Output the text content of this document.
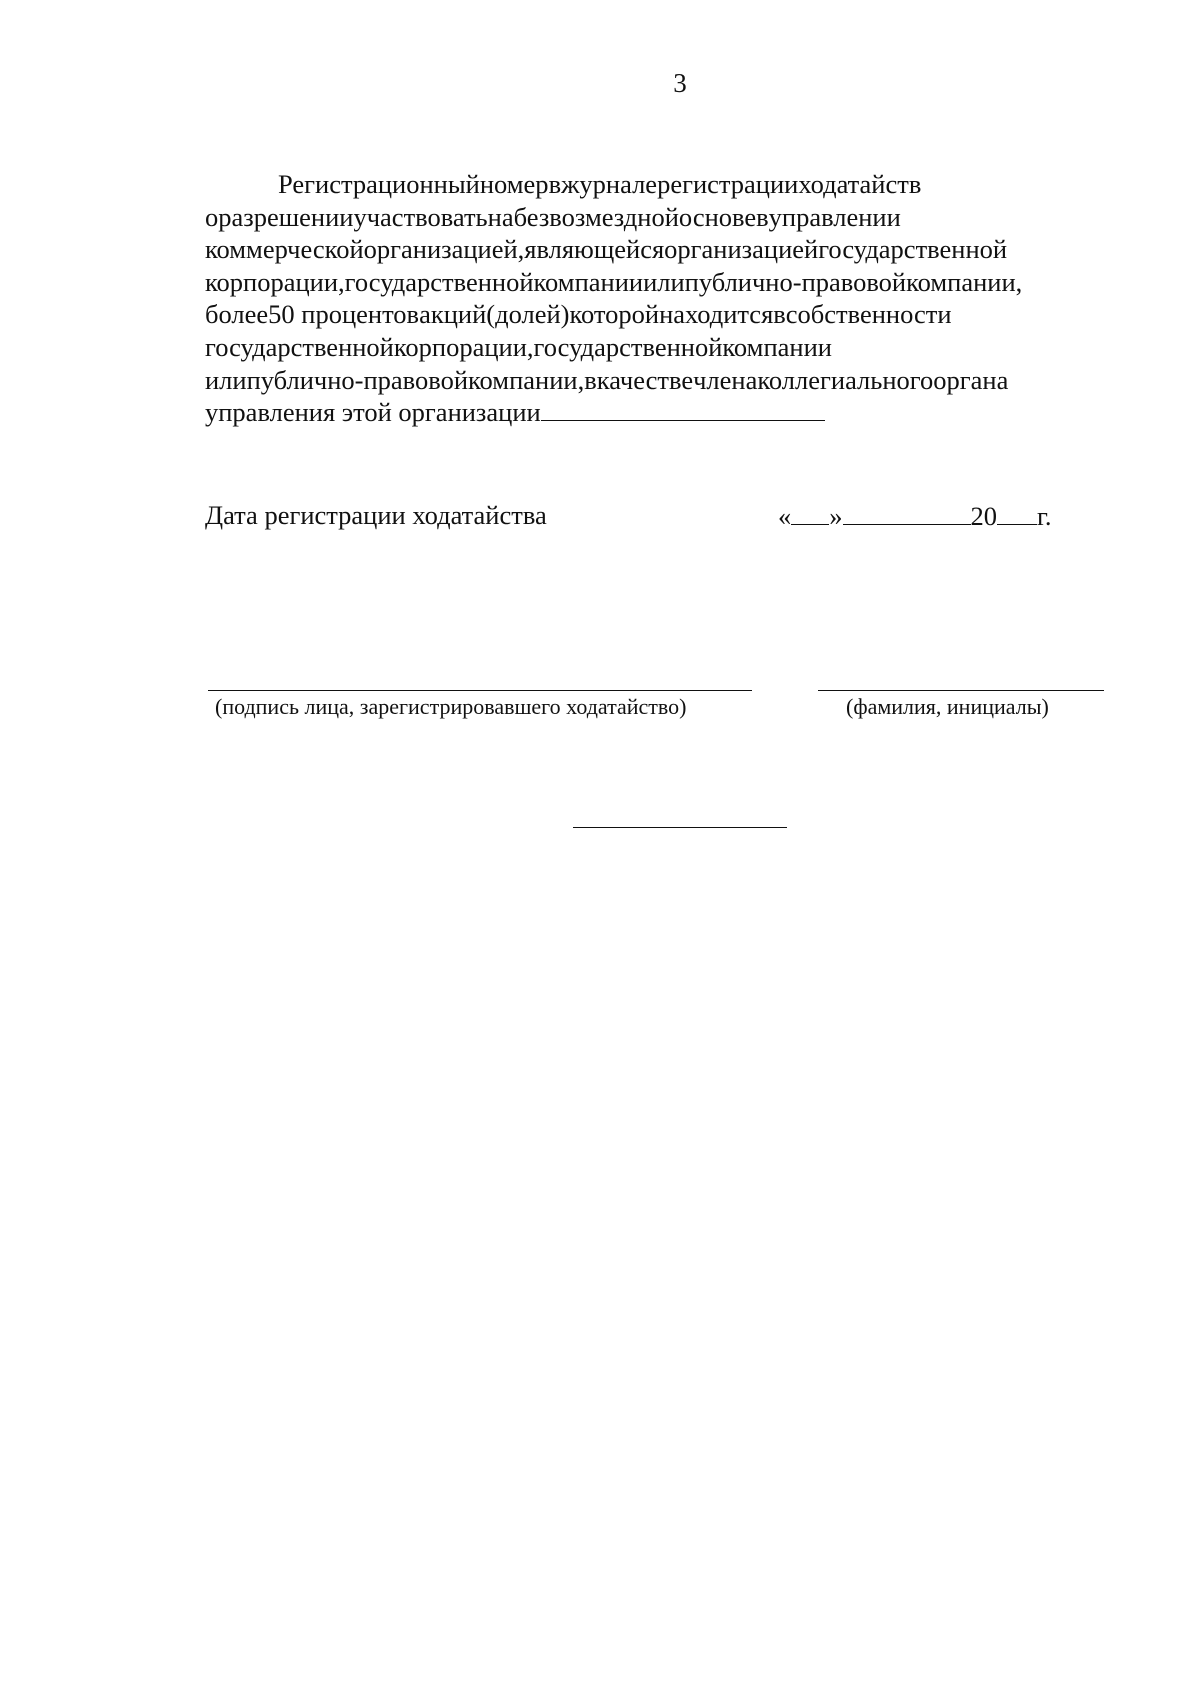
3
Регистрационныйномервжурналерегистрацииходатайств
оразрешенииучаствоватьнабезвозмезднойосновевуправлении
коммерческойорганизацией,являющейсяорганизациейгосударственной
корпорации,государственнойкомпанииилипублично-правовойкомпании,
более50 процентовакций(долей)которойнаходитсявсобственности
государственнойкорпорации,государственнойкомпании
илипублично-правовойкомпании,вкачествечленаколлегиальногооргана
управления этой организации
Дата регистрации ходатайства	« »	20 г.
(подпись лица, зарегистрировавшего ходатайство)	(фамилия, инициалы)
